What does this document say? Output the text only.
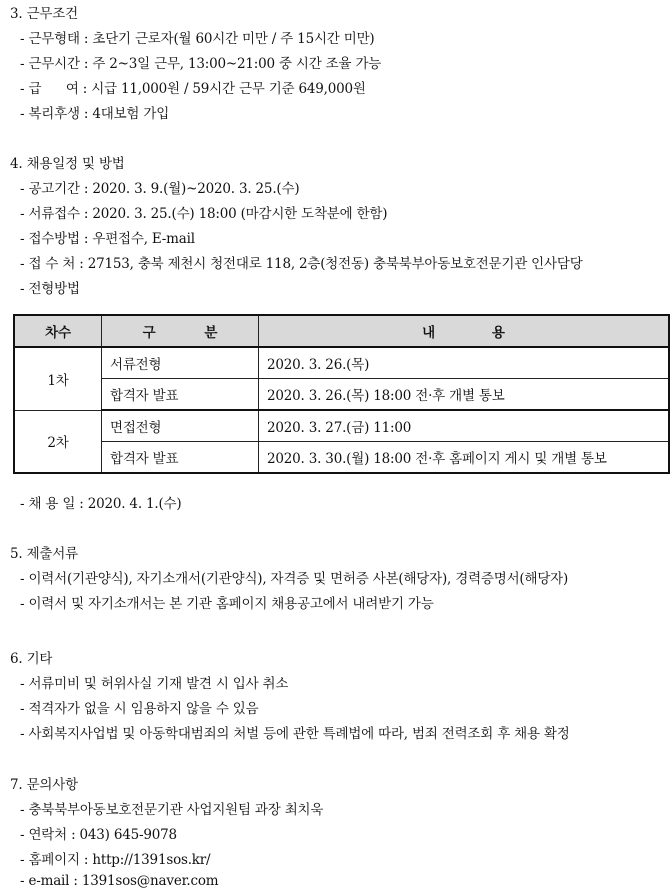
3. 근무조건
- 근무형태 : 초단기 근로자(월 60시간 미만 / 주 15시간 미만)
- 근무시간 : 주 2~3일 근무, 13:00~21:00 중 시간 조율 가능
- 급      여 : 시급 11,000원 / 59시간 근무 기준 649,000원
- 복리후생 : 4대보험 가입
4. 채용일정 및 방법
- 공고기간 : 2020. 3. 9.(월)~2020. 3. 25.(수)
- 서류접수 : 2020. 3. 25.(수) 18:00 (마감시한 도착분에 한함)
- 접수방법 : 우편접수, E-mail
- 접 수 처 : 27153, 충북 제천시 청전대로 118, 2층(청전동) 충북북부아동보호전문기관 인사담당
- 전형방법
차수	구 분	내 용
1차	서류전형	2020. 3. 26.(목)
	합격자 발표	2020. 3. 26.(목) 18:00 전·후 개별 통보
2차	면접전형	2020. 3. 27.(금) 11:00
	합격자 발표	2020. 3. 30.(월) 18:00 전·후 홈페이지 게시 및 개별 통보
- 채 용 일 : 2020. 4. 1.(수)
5. 제출서류
- 이력서(기관양식), 자기소개서(기관양식), 자격증 및 면허증 사본(해당자), 경력증명서(해당자)
- 이력서 및 자기소개서는 본 기관 홈페이지 채용공고에서 내려받기 가능
6. 기타
- 서류미비 및 허위사실 기재 발견 시 입사 취소
- 적격자가 없을 시 임용하지 않을 수 있음
- 사회복지사업법 및 아동학대범죄의 처벌 등에 관한 특례법에 따라, 범죄 전력조회 후 채용 확정
7. 문의사항
- 충북북부아동보호전문기관 사업지원팀 과장 최치욱
- 연락처 : 043) 645-9078
- 홈페이지 : http://1391sos.kr/
- e-mail : 1391sos@naver.com
